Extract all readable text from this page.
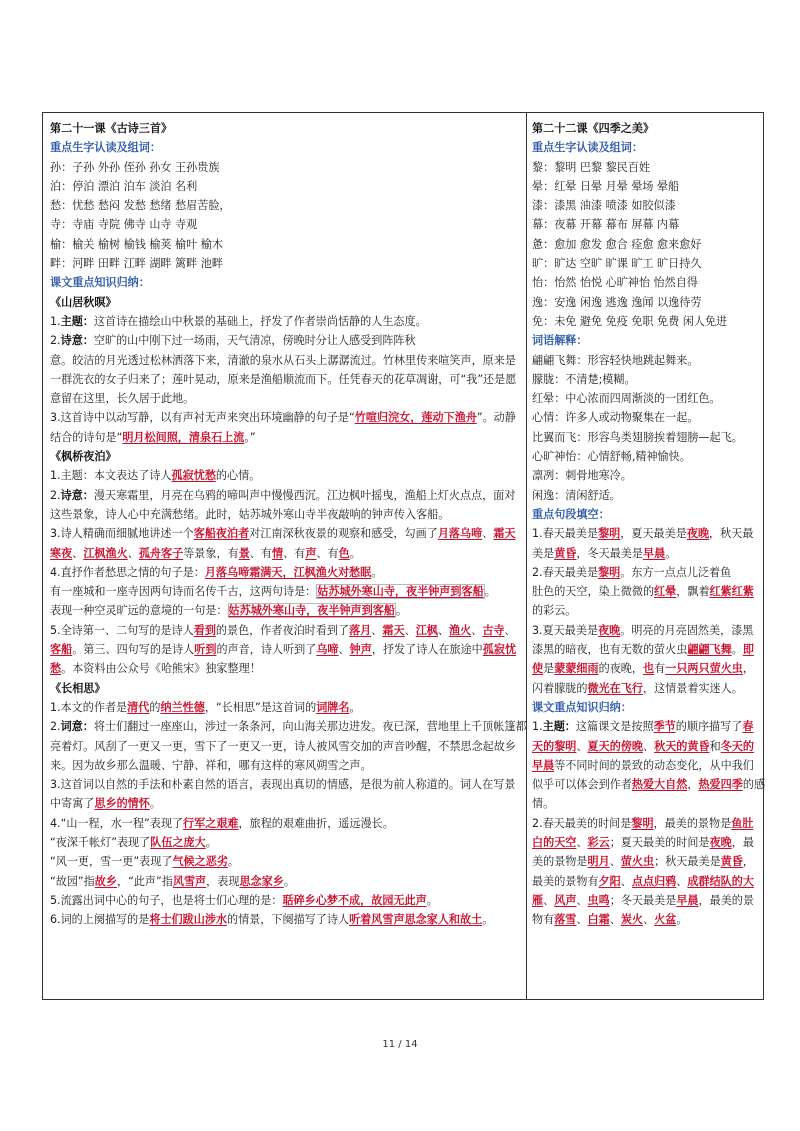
第二十一课《古诗三首》

重点生字认读及组词：

孙：子孙 外孙 侄孙 孙女 王孙贵族

泊：停泊 漂泊 泊车 淡泊 名利

愁：忧愁 愁闷 发愁 愁绪 愁眉苦脸，

寺：寺庙 寺院 佛寺 山寺 寺观

榆：榆关 榆树 榆钱 榆荚 榆叶 榆木

畔：河畔 田畔 江畔 湖畔 篱畔 池畔

课文重点知识归纳：

《山居秋暝》

1.主题：这首诗在描绘山中秋景的基础上，抒发了作者崇尚恬静的人生态度。

2.诗意：空旷的山中刚下过一场雨，天气清凉，傍晚时分让人感受到阵阵秋

意。皎洁的月光透过松林洒落下来，清澈的泉水从石头上潺潺流过。竹林里传来喧笑声，原来是

一群洗衣的女子归来了；莲叶晃动，原来是渔船顺流而下。任凭春天的花草凋谢，可“我”还是愿

意留在这里，长久居于此地。

3.这首诗中以动写静，以有声衬无声来突出环境幽静的句子是“竹喧归浣女，莲动下渔舟”。动静

结合的诗句是“明月松间照，清泉石上流。”

《枫桥夜泊》

1.主题：本文表达了诗人孤寂忧愁的心情。

2.诗意：漫天寒霜里，月亮在乌鸦的啼叫声中慢慢西沉。江边枫叶摇曳，渔船上灯火点点，面对

这些景象，诗人心中充满愁绪。此时，姑苏城外寒山寺半夜敲响的钟声传入客船。

3.诗人精确而细腻地讲述一个客船夜泊者对江南深秋夜景的观察和感受，勾画了月落乌啼、霜天

寒夜、江枫渔火、孤舟客子等景象，有景、有情、有声、有色。

4.直抒作者愁思之情的句子是：月落乌啼霜满天，江枫渔火对愁眠。

有一座城和一座寺因两句诗而名传千古，这两句诗是：姑苏城外寒山寺，夜半钟声到客船。

表现一种空灵旷远的意境的一句是：姑苏城外寒山寺，夜半钟声到客船。

5.全诗第一、二句写的是诗人看到的景色，作者夜泊时看到了落月、霜天、江枫、渔火、古寺、

客船。第三、四句写的是诗人听到的声音，诗人听到了乌啼、钟声，抒发了诗人在旅途中孤寂忧

愁。本资料由公众号《哈熊宋》独家整理！

《长相思》

1.本文的作者是清代的纳兰性德，“长相思”是这首词的词牌名。

2.词意：将士们翻过一座座山，涉过一条条河，向山海关那边进发。夜已深，营地里上千顶帐篷都

亮着灯。风刮了一更又一更，雪下了一更又一更，诗人被风雪交加的声音吵醒，不禁思念起故乡

来。因为故乡那么温暖、宁静、祥和，哪有这样的寒风朔雪之声。

3.这首词以自然的手法和朴素自然的语言，表现出真切的情感，是很为前人称道的。词人在写景

中寄寓了思乡的情怀。

4.“山一程，水一程”表现了行军之艰难，旅程的艰难曲折，遥远漫长。

“夜深千帐灯”表现了队伍之庞大。

“风一更，雪一更”表现了气候之恶劣。

“故园”指故乡，“此声”指风雪声，表现思念家乡。

5.流露出词中心的句子，也是将士们心理的是：聒碎乡心梦不成，故园无此声。

6.词的上阕描写的是将士们跋山涉水的情景，下阕描写了诗人听着风雪声思念家人和故土。

第二十二课《四季之美》

重点生字认读及组词：

黎：黎明 巴黎 黎民百姓

晕：红晕 日晕 月晕 晕场 晕船

漆：漆黑 油漆 喷漆 如胶似漆

幕：夜幕 开幕 幕布 屏幕 内幕

惫：愈加 愈发 愈合 痊愈 愈来愈好

旷：旷达 空旷 旷课 旷工 旷日持久

怡：怡然 怡悦 心旷神怡 怡然自得

逸：安逸 闲逸 逃逸 逸闻 以逸待劳

免：未免 避免 免疫 免职 免费 闲人免进

词语解释：

翩翩飞舞：形容轻快地跳起舞来。

朦胧：不清楚;模糊。

红晕：中心浓而四周渐淡的一团红色。

心情：许多人或动物聚集在一起。

比翼而飞：形容鸟类翅膀挨着翅膀—起飞。

心旷神怡：心情舒畅,精神愉快。

凛冽：刺骨地寒冷。

闲逸：清闲舒适。

重点句段填空：

1.春天最美是黎明，夏天最美是夜晚，秋天最

美是黄昏，冬天最美是早晨。

2.春天最美是黎明。东方一点点儿泛着鱼

肚色的天空，染上微微的红晕，飘着红紫红紫

的彩云。

3.夏天最美是夜晚。明亮的月亮固然美，漆黑

漆黑的暗夜，也有无数的萤火虫翩翩飞舞。即

使是蒙蒙细雨的夜晚，也有一只两只萤火虫，

闪着朦胧的微光在飞行，这情景着实迷人。

课文重点知识归纳：

1.主题：这篇课文是按照季节的顺序描写了春

天的黎明、夏天的傍晚、秋天的黄昏和冬天的

早晨等不同时间的景致的动态变化，从中我们

似乎可以体会到作者热爱大自然，热爱四季的感

情。

2.春天最美的时间是黎明，最美的景物是鱼肚

白的天空、彩云；夏天最美的时间是夜晚，最

美的景物是明月、萤火虫；秋天最美是黄昏，

最美的景物有夕阳、点点归鸦、成群结队的大

雁、风声、虫鸣；冬天最美是早晨，最美的景

物有落雪、白霜、炭火、火盆。

11 / 14
